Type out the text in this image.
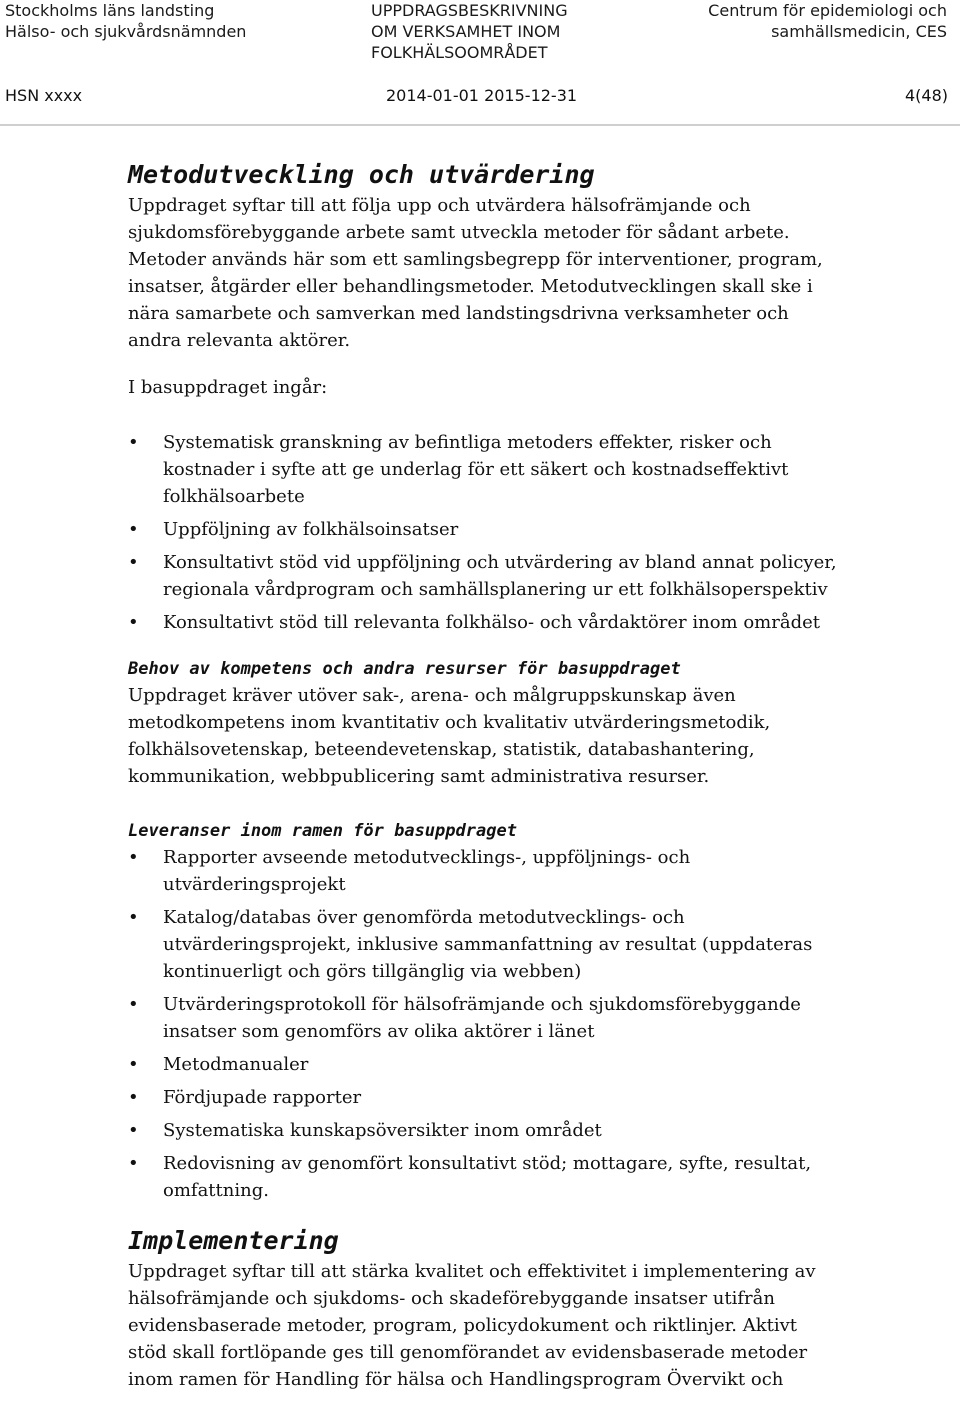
Stockholms läns landsting
Hälso- och sjukvårdsnämnden
UPPDRAGSBESKRIVNING
OM VERKSAMHET INOM
FOLKHÄLSOOMRÅDET
Centrum för epidemiologi och
samhällsmedicin, CES
HSN xxxx	2014-01-01 2015-12-31	4(48)
Metodutveckling och utvärdering

Uppdraget syftar till att följa upp och utvärdera hälsofrämjande och
sjukdomsförebyggande arbete samt utveckla metoder för sådant arbete.
Metoder används här som ett samlingsbegrepp för interventioner, program,
insatser, åtgärder eller behandlingsmetoder. Metodutvecklingen skall ske i
nära samarbete och samverkan med landstingsdrivna verksamheter och
andra relevanta aktörer.

I basuppdraget ingår:

• Systematisk granskning av befintliga metoders effekter, risker och
kostnader i syfte att ge underlag för ett säkert och kostnadseffektivt
folkhälsoarbete
• Uppföljning av folkhälsoinsatser
• Konsultativt stöd vid uppföljning och utvärdering av bland annat policyer,
regionala vårdprogram och samhällsplanering ur ett folkhälsoperspektiv
• Konsultativt stöd till relevanta folkhälso- och vårdaktörer inom området
Behov av kompetens och andra resurser för basuppdraget

Uppdraget kräver utöver sak-, arena- och målgruppskunskap även
metodkompetens inom kvantitativ och kvalitativ utvärderingsmetodik,
folkhälsovetenskap, beteendevetenskap, statistik, databashantering,
kommunikation, webbpublicering samt administrativa resurser.

Leveranser inom ramen för basuppdraget
• Rapporter avseende metodutvecklings-, uppföljnings- och
utvärderingsprojekt
• Katalog/databas över genomförda metodutvecklings- och
utvärderingsprojekt, inklusive sammanfattning av resultat (uppdateras
kontinuerligt och görs tillgänglig via webben)
• Utvärderingsprotokoll för hälsofrämjande och sjukdomsförebyggande
insatser som genomförs av olika aktörer i länet
• Metodmanualer
• Fördjupade rapporter
• Systematiska kunskapsöversikter inom området
• Redovisning av genomfört konsultativt stöd; mottagare, syfte, resultat,
omfattning.
Implementering

Uppdraget syftar till att stärka kvalitet och effektivitet i implementering av
hälsofrämjande och sjukdoms- och skadeförebyggande insatser utifrån
evidensbaserade metoder, program, policydokument och riktlinjer. Aktivt
stöd skall fortlöpande ges till genomförandet av evidensbaserade metoder
inom ramen för Handling för hälsa och Handlingsprogram Övervikt och
